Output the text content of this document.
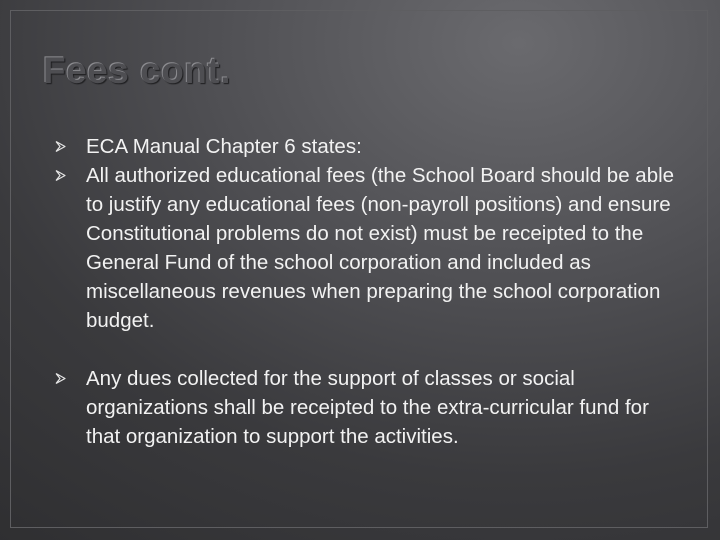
Fees cont.
ECA Manual Chapter 6 states:
All authorized educational fees (the School Board should be able to justify any educational fees (non-payroll positions) and ensure Constitutional problems do not exist) must be receipted to the General Fund of the school corporation and included as miscellaneous revenues when preparing the school corporation budget.
Any dues collected for the support of classes or social organizations shall be receipted to the extra-curricular fund for that organization to support the activities.
